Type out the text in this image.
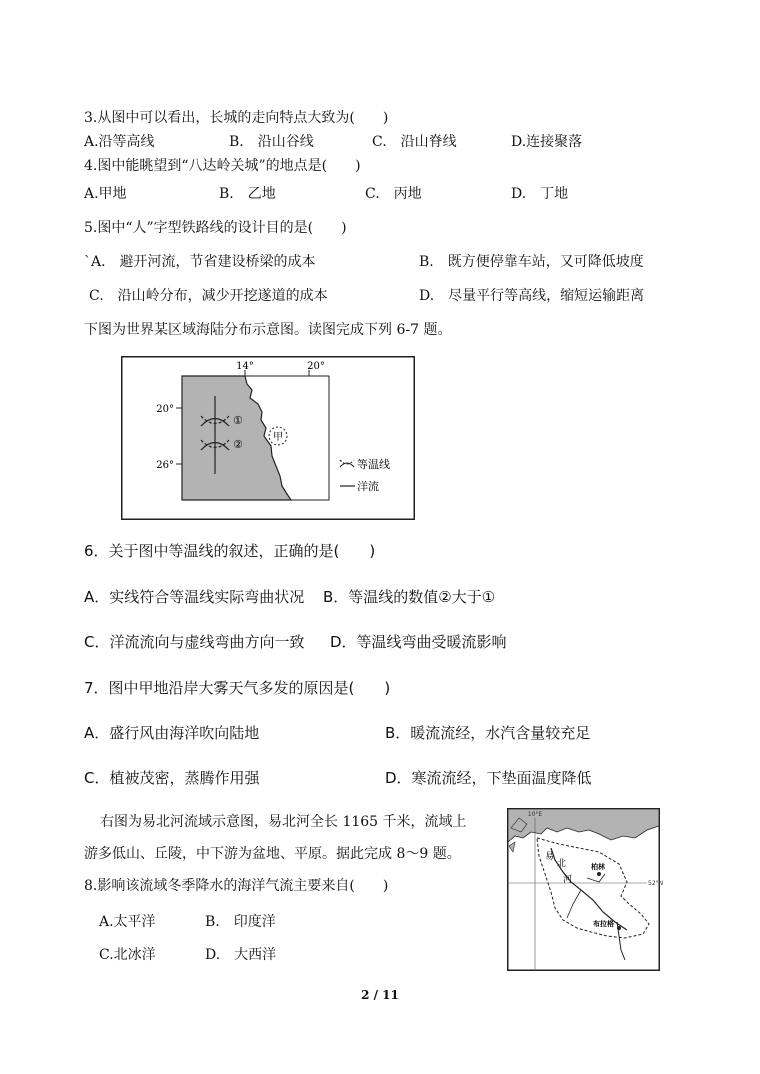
3.从图中可以看出，长城的走向特点大致为(　　)
A.沿等高线	B.　沿山谷线	C.　沿山脊线	D.连接聚落
4.图中能眺望到“八达岭关城”的地点是(　　)
A.甲地	B.　乙地	C.　丙地	D.　丁地
5.图中“人”字型铁路线的设计目的是(　　)
`A.　避开河流，节省建设桥梁的成本	B.　既方便停靠车站，又可降低坡度
C.　沿山岭分布，减少开挖遂道的成本	D.　尽量平行等高线，缩短运输距离
下图为世界某区域海陆分布示意图。读图完成下列 6-7 题。
14°	20°
20°
26°
①
②
甲
等温线
洋流
6．关于图中等温线的叙述，正确的是(　　)
A．实线符合等温线实际弯曲状况 B．等温线的数值②大于①
C．洋流流向与虚线弯曲方向一致 D．等温线弯曲受暖流影响
7．图中甲地沿岸大雾天气多发的原因是(　　)
A．盛行风由海洋吹向陆地	B．暖流流经，水汽含量较充足
C．植被茂密，蒸腾作用强	D．寒流流经，下垫面温度降低
右图为易北河流域示意图，易北河全长 1165 千米，流域上
游多低山、丘陵，中下游为盆地、平原。据此完成 8～9 题。
8.影响该流域冬季降水的海洋气流主要来自(　　)
A.太平洋	B.　印度洋
C.北冰洋	D.　大西洋
10°E
52°N
易
北
河
柏林
布拉格
2 / 11
